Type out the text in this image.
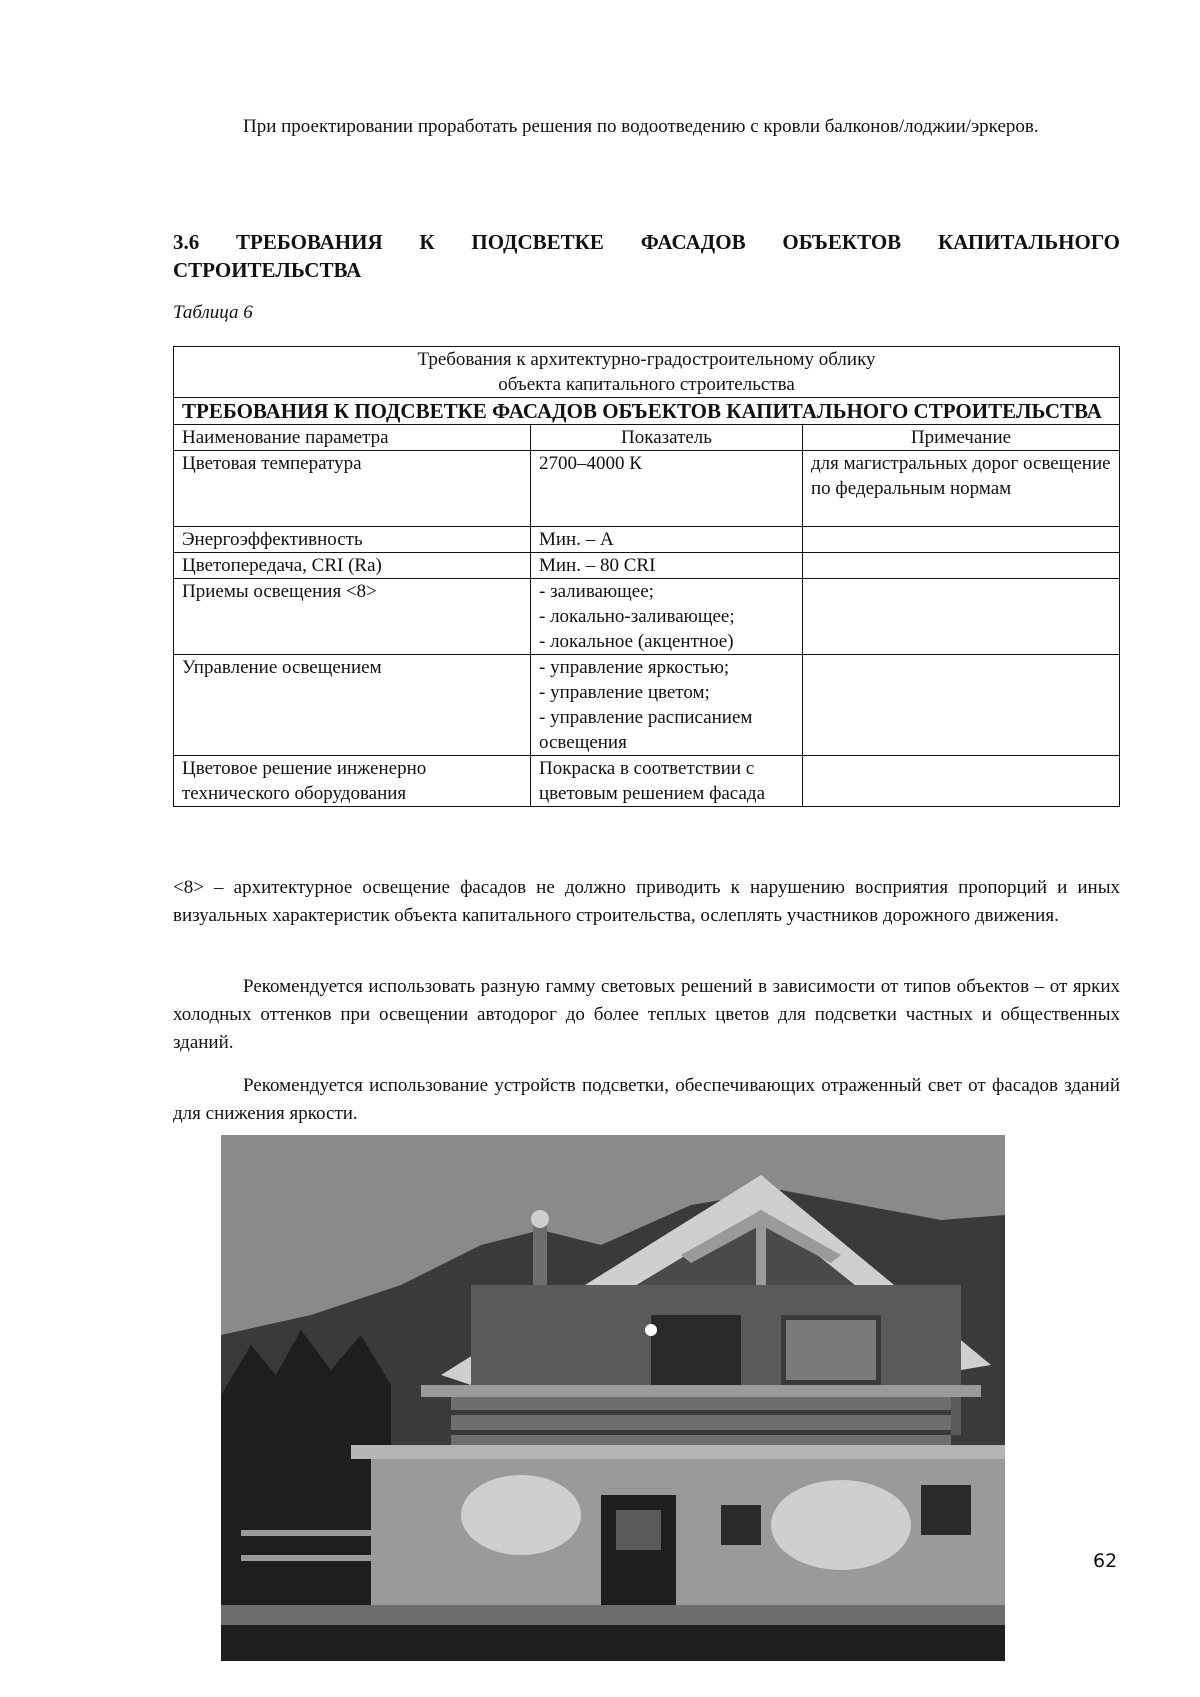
При проектировании проработать решения по водоотведению с кровли балконов/лоджии/эркеров.

3.6 ТРЕБОВАНИЯ К ПОДСВЕТКЕ ФАСАДОВ ОБЪЕКТОВ КАПИТАЛЬНОГО СТРОИТЕЛЬСТВА

Таблица 6

Требования к архитектурно-градостроительному облику
объекта капитального строительства		

ТРЕБОВАНИЯ К ПОДСВЕТКЕ ФАСАДОВ ОБЪЕКТОВ КАПИТАЛЬНОГО СТРОИТЕЛЬСТВА		
Наименование параметра	Показатель	Примечание
Цветовая температура	2700–4000 К	для магистральных дорог освещение по федеральным нормам
Энергоэффективность	Мин. – А	

Цветопередача, CRI (Ra)	Мин. – 80 CRI	

Приемы освещения <8>	- заливающее;
- локально-заливающее;
- локальное (акцентное)	

Управление освещением	- управление яркостью;
- управление цветом;
- управление расписанием освещения	

Цветовое решение инженерно технического оборудования	Покраска в соответствии с цветовым решением фасада	

<8> – архитектурное освещение фасадов не должно приводить к нарушению восприятия пропорций и иных визуальных характеристик объекта капитального строительства, ослеплять участников дорожного движения.

Рекомендуется использовать разную гамму световых решений в зависимости от типов объектов – от ярких холодных оттенков при освещении автодорог до более теплых цветов для подсветки частных и общественных зданий.

Рекомендуется использование устройств подсветки, обеспечивающих отраженный свет от фасадов зданий для снижения яркости.

62
